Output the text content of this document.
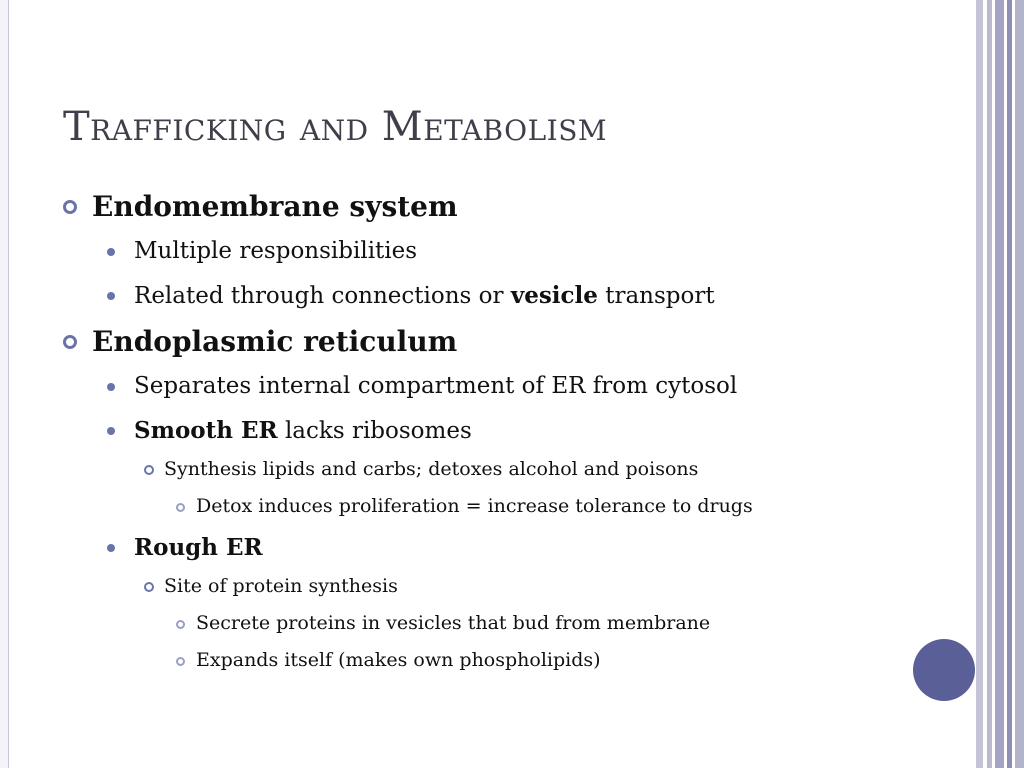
Trafficking and Metabolism
Endomembrane system
Multiple responsibilities
Related through connections or vesicle transport
Endoplasmic reticulum
Separates internal compartment of ER from cytosol
Smooth ER lacks ribosomes
Synthesis lipids and carbs; detoxes alcohol and poisons
Detox induces proliferation = increase tolerance to drugs
Rough ER
Site of protein synthesis
Secrete proteins in vesicles that bud from membrane
Expands itself (makes own phospholipids)
